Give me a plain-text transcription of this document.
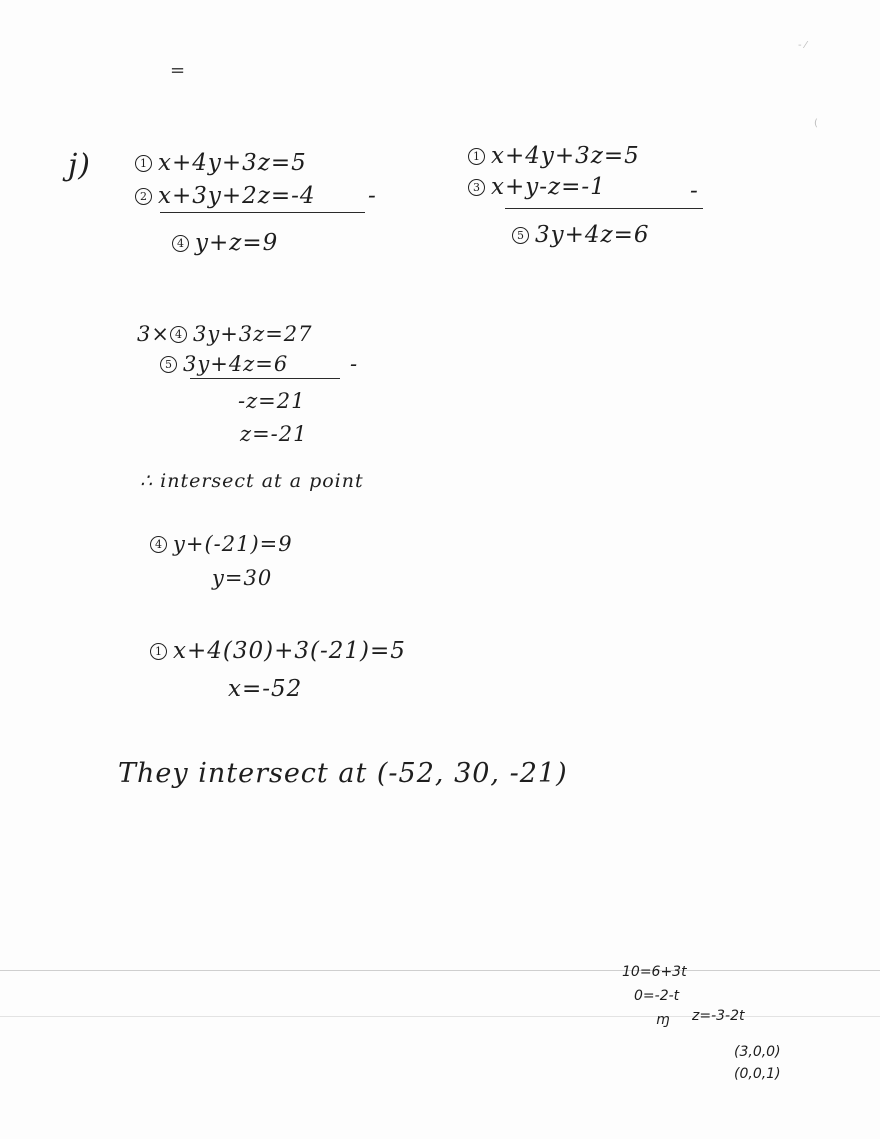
=
‐ ⁄
(
j)	1 x+4y+3z=5
2 x+3y+2z=-4 -
4 y+z=9
1 x+4y+3z=5
3 x+y-z=-1	-
5 3y+4z=6
3× 4 3y+3z=27
5 3y+4z=6	-
-z=21
z=-21
∴ intersect at a point
4 y+(-21)=9
y=30
1 x+4(30)+3(-21)=5
x=-52
They intersect at (-52, 30, -21)
10=6+3t
0=-2-t
ɱ z=-3-2t
(3,0,0)
(0,0,1)
